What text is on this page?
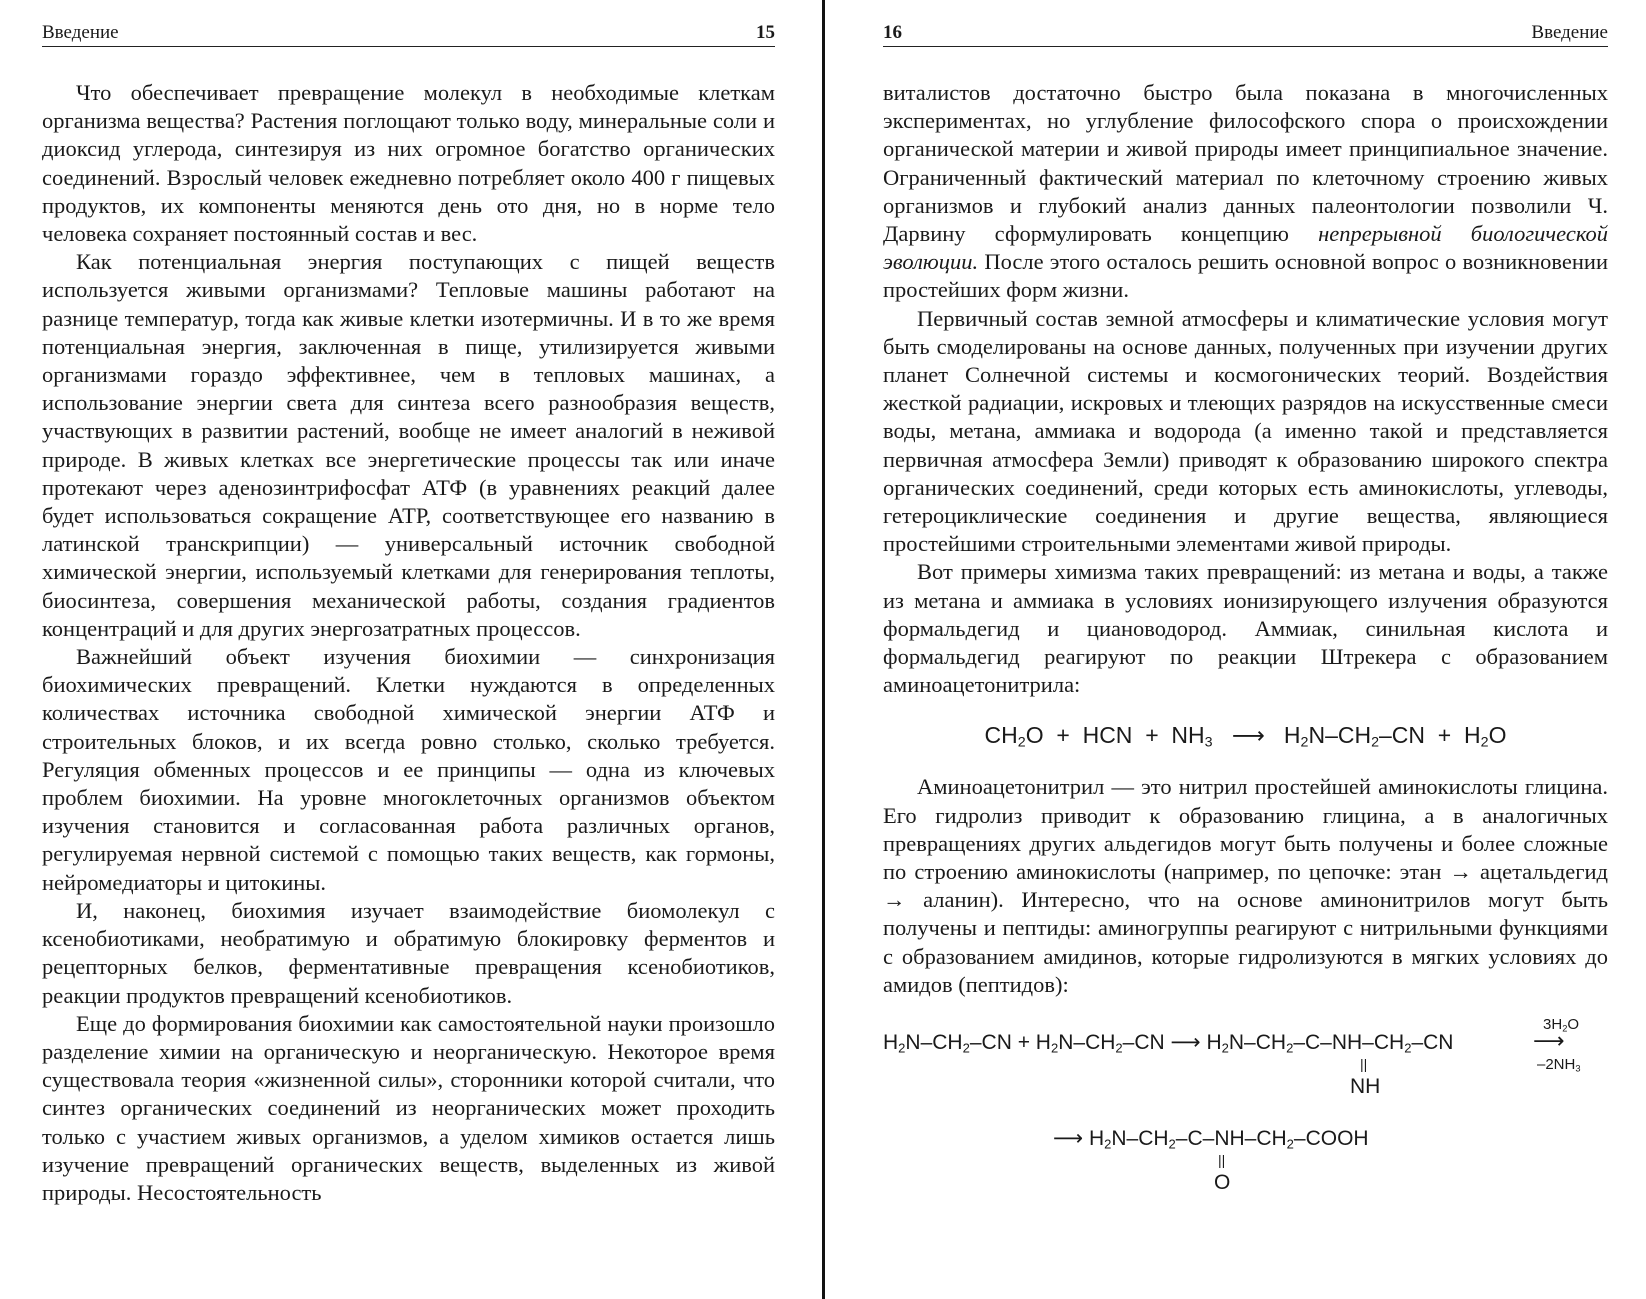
Введение	15

Что обеспечивает превращение молекул в необходимые клеткам организма вещества? Растения поглощают только воду, минеральные соли и диоксид углерода, синтезируя из них огромное богатство органических соединений. Взрослый человек ежедневно потребляет около 400 г пищевых продуктов, их компоненты меняются день ото дня, но в норме тело человека сохраняет постоянный состав и вес.

Как потенциальная энергия поступающих с пищей веществ используется живыми организмами? Тепловые машины работают на разнице температур, тогда как живые клетки изотермичны. И в то же время потенциальная энергия, заключенная в пище, утилизируется живыми организмами гораздо эффективнее, чем в тепловых машинах, а использование энергии света для синтеза всего разнообразия веществ, участвующих в развитии растений, вообще не имеет аналогий в неживой природе. В живых клетках все энергетические процессы так или иначе протекают через аденозинтрифосфат АТФ (в уравнениях реакций далее будет использоваться сокращение АТР, соответствующее его названию в латинской транскрипции) — универсальный источник свободной химической энергии, используемый клетками для генерирования теплоты, биосинтеза, совершения механической работы, создания градиентов концентраций и для других энергозатратных процессов.

Важнейший объект изучения биохимии — синхронизация биохимических превращений. Клетки нуждаются в определенных количествах источника свободной химической энергии АТФ и строительных блоков, и их всегда ровно столько, сколько требуется. Регуляция обменных процессов и ее принципы — одна из ключевых проблем биохимии. На уровне многоклеточных организмов объектом изучения становится и согласованная работа различных органов, регулируемая нервной системой с помощью таких веществ, как гормоны, нейромедиаторы и цитокины.

И, наконец, биохимия изучает взаимодействие биомолекул с ксенобиотиками, необратимую и обратимую блокировку ферментов и рецепторных белков, ферментативные превращения ксенобиотиков, реакции продуктов превращений ксенобиотиков.

Еще до формирования биохимии как самостоятельной науки произошло разделение химии на органическую и неорганическую. Некоторое время существовала теория «жизненной силы», сторонники которой считали, что синтез органических соединений из неорганических может проходить только с участием живых организмов, а уделом химиков остается лишь изучение превращений органических веществ, выделенных из живой природы. Несостоятельность

16	Введение

виталистов достаточно быстро была показана в многочисленных экспериментах, но углубление философского спора о происхождении органической материи и живой природы имеет принципиальное значение. Ограниченный фактический материал по клеточному строению живых организмов и глубокий анализ данных палеонтологии позволили Ч. Дарвину сформулировать концепцию непрерывной биологической эволюции. После этого осталось решить основной вопрос о возникновении простейших форм жизни.

Первичный состав земной атмосферы и климатические условия могут быть смоделированы на основе данных, полученных при изучении других планет Солнечной системы и космогонических теорий. Воздействия жесткой радиации, искровых и тлеющих разрядов на искусственные смеси воды, метана, аммиака и водорода (а именно такой и представляется первичная атмосфера Земли) приводят к образованию широкого спектра органических соединений, среди которых есть аминокислоты, углеводы, гетероциклические соединения и другие вещества, являющиеся простейшими строительными элементами живой природы.

Вот примеры химизма таких превращений: из метана и воды, а также из метана и аммиака в условиях ионизирующего излучения образуются формальдегид и циановодород. Аммиак, синильная кислота и формальдегид реагируют по реакции Штрекера с образованием аминоацетонитрила:

$CH_2O$  +  HCN  +  $NH_3$ ⟶   $H_2N-CH_2-CN + H_2O$

Аминоацетонитрил — это нитрил простейшей аминокислоты глицина. Его гидролиз приводит к образованию глицина, а в аналогичных превращениях других альдегидов могут быть получены и более сложные по строению аминокислоты (например, по цепочке: этан → ацетальдегид → аланин). Интересно, что на основе аминонитрилов могут быть получены и пептиды: аминогруппы реагируют с нитрильными функциями с образованием амидинов, которые гидролизуются в мягких условиях до амидов (пептидов):

$H_2N-CH_2-CN + H_2N-CH_2-CN$ ⟶ $H_2N-CH_2-C-NH-CH_2-CN$
$3H_2O$
⟶
$-2NH_3$
||
NH
⟶ $H_2N-CH_2-C-NH-CH_2$–COOH
||
O
